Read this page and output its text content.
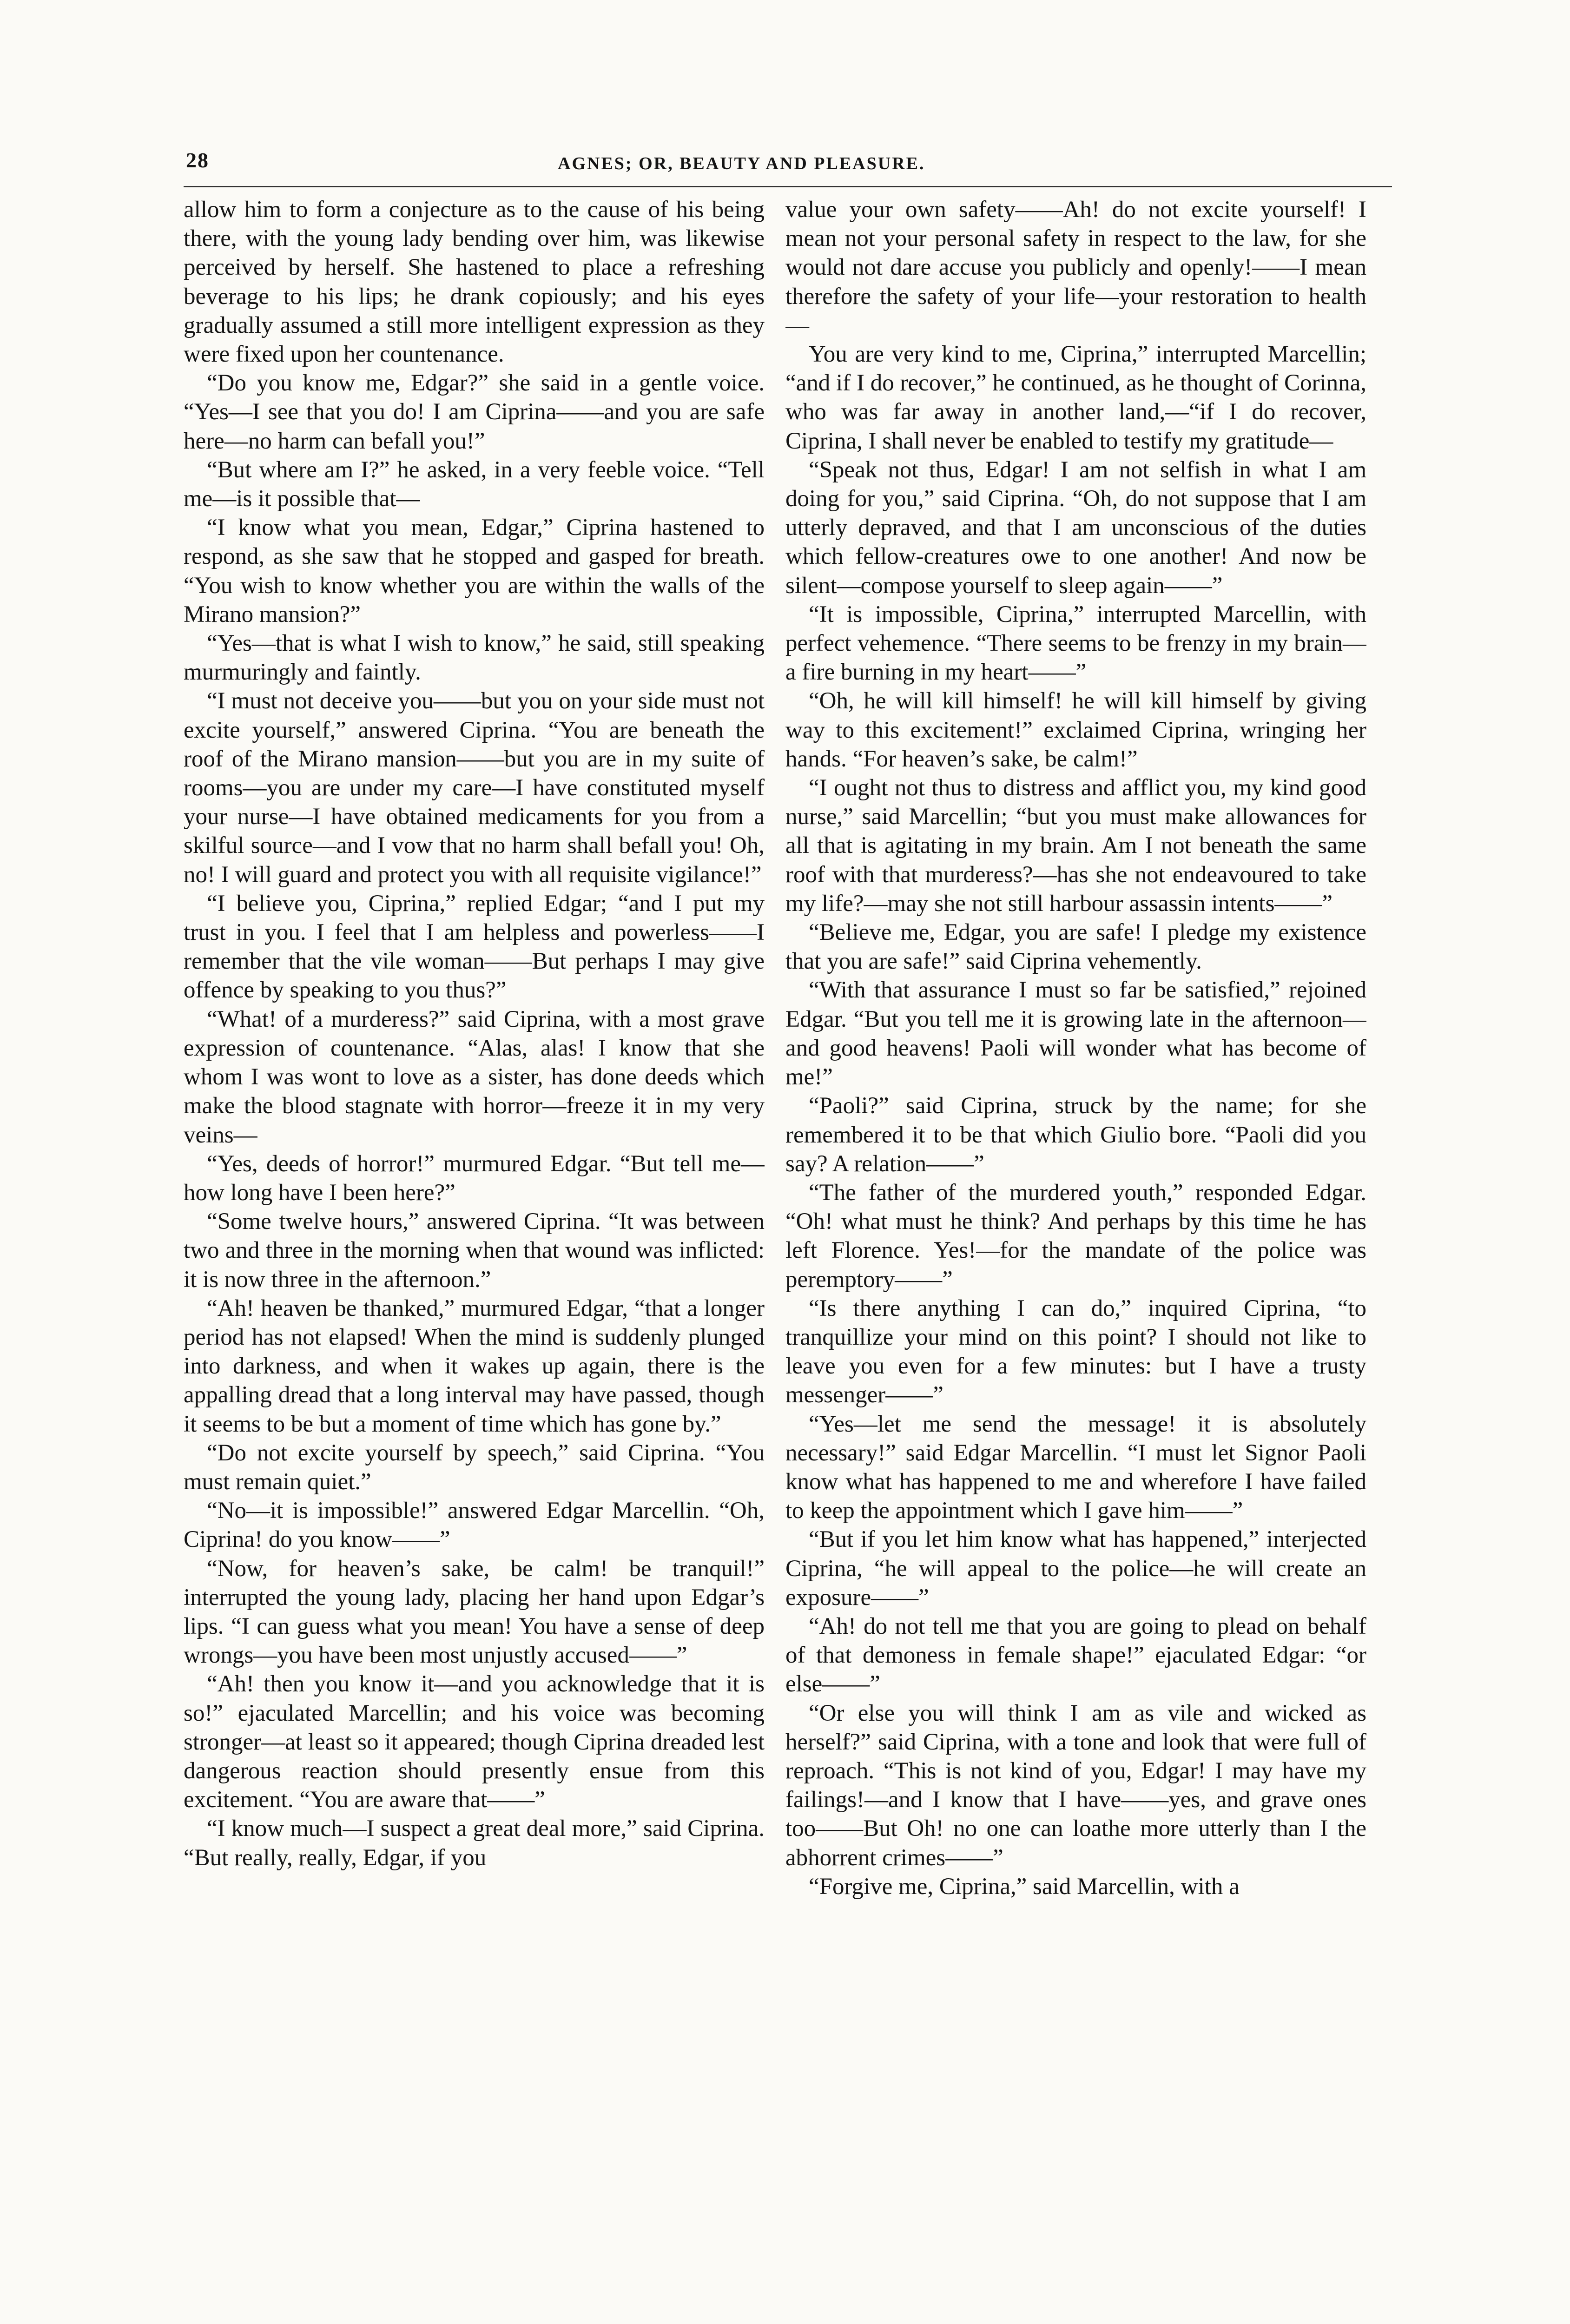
28	AGNES; OR, BEAUTY AND PLEASURE.

allow him to form a conjecture as to the cause of his being there, with the young lady bending over him, was likewise perceived by herself. She hastened to place a refreshing beverage to his lips; he drank copiously; and his eyes gradually assumed a still more intelligent expression as they were fixed upon her countenance.

“Do you know me, Edgar?” she said in a gentle voice. “Yes—I see that you do! I am Ciprina——and you are safe here—no harm can befall you!”

“But where am I?” he asked, in a very feeble voice. “Tell me—is it possible that—

“I know what you mean, Edgar,” Ciprina hastened to respond, as she saw that he stopped and gasped for breath. “You wish to know whether you are within the walls of the Mirano mansion?”

“Yes—that is what I wish to know,” he said, still speaking murmuringly and faintly.

“I must not deceive you——but you on your side must not excite yourself,” answered Ciprina. “You are beneath the roof of the Mirano mansion——but you are in my suite of rooms—you are under my care—I have constituted myself your nurse—I have obtained medicaments for you from a skilful source—and I vow that no harm shall befall you! Oh, no! I will guard and protect you with all requisite vigilance!”

“I believe you, Ciprina,” replied Edgar; “and I put my trust in you. I feel that I am helpless and powerless——I remember that the vile woman——But perhaps I may give offence by speaking to you thus?”

“What! of a murderess?” said Ciprina, with a most grave expression of countenance. “Alas, alas! I know that she whom I was wont to love as a sister, has done deeds which make the blood stagnate with horror—freeze it in my very veins—

“Yes, deeds of horror!” murmured Edgar. “But tell me—how long have I been here?”

“Some twelve hours,” answered Ciprina. “It was between two and three in the morning when that wound was inflicted: it is now three in the afternoon.”

“Ah! heaven be thanked,” murmured Edgar, “that a longer period has not elapsed! When the mind is suddenly plunged into darkness, and when it wakes up again, there is the appalling dread that a long interval may have passed, though it seems to be but a moment of time which has gone by.”

“Do not excite yourself by speech,” said Ciprina. “You must remain quiet.”

“No—it is impossible!” answered Edgar Marcellin. “Oh, Ciprina! do you know——”

“Now, for heaven’s sake, be calm! be tranquil!” interrupted the young lady, placing her hand upon Edgar’s lips. “I can guess what you mean! You have a sense of deep wrongs—you have been most unjustly accused——”

“Ah! then you know it—and you acknowledge that it is so!” ejaculated Marcellin; and his voice was becoming stronger—at least so it appeared; though Ciprina dreaded lest dangerous reaction should presently ensue from this excitement. “You are aware that——”

“I know much—I suspect a great deal more,” said Ciprina. “But really, really, Edgar, if you

value your own safety——Ah! do not excite yourself! I mean not your personal safety in respect to the law, for she would not dare accuse you publicly and openly!——I mean therefore the safety of your life—your restoration to health—

You are very kind to me, Ciprina,” interrupted Marcellin; “and if I do recover,” he continued, as he thought of Corinna, who was far away in another land,—“if I do recover, Ciprina, I shall never be enabled to testify my gratitude—

“Speak not thus, Edgar! I am not selfish in what I am doing for you,” said Ciprina. “Oh, do not suppose that I am utterly depraved, and that I am unconscious of the duties which fellow-creatures owe to one another! And now be silent—compose yourself to sleep again——”

“It is impossible, Ciprina,” interrupted Marcellin, with perfect vehemence. “There seems to be frenzy in my brain—a fire burning in my heart——”

“Oh, he will kill himself! he will kill himself by giving way to this excitement!” exclaimed Ciprina, wringing her hands. “For heaven’s sake, be calm!”

“I ought not thus to distress and afflict you, my kind good nurse,” said Marcellin; “but you must make allowances for all that is agitating in my brain. Am I not beneath the same roof with that murderess?—has she not endeavoured to take my life?—may she not still harbour assassin intents——”

“Believe me, Edgar, you are safe! I pledge my existence that you are safe!” said Ciprina vehemently.

“With that assurance I must so far be satisfied,” rejoined Edgar. “But you tell me it is growing late in the afternoon—and good heavens! Paoli will wonder what has become of me!”

“Paoli?” said Ciprina, struck by the name; for she remembered it to be that which Giulio bore. “Paoli did you say? A relation——”

“The father of the murdered youth,” responded Edgar. “Oh! what must he think? And perhaps by this time he has left Florence. Yes!—for the mandate of the police was peremptory——”

“Is there anything I can do,” inquired Ciprina, “to tranquillize your mind on this point? I should not like to leave you even for a few minutes: but I have a trusty messenger——”

“Yes—let me send the message! it is absolutely necessary!” said Edgar Marcellin. “I must let Signor Paoli know what has happened to me and wherefore I have failed to keep the appointment which I gave him——”

“But if you let him know what has happened,” interjected Ciprina, “he will appeal to the police—he will create an exposure——”

“Ah! do not tell me that you are going to plead on behalf of that demoness in female shape!” ejaculated Edgar: “or else——”

“Or else you will think I am as vile and wicked as herself?” said Ciprina, with a tone and look that were full of reproach. “This is not kind of you, Edgar! I may have my failings!—and I know that I have——yes, and grave ones too——But Oh! no one can loathe more utterly than I the abhorrent crimes——”

“Forgive me, Ciprina,” said Marcellin, with a
